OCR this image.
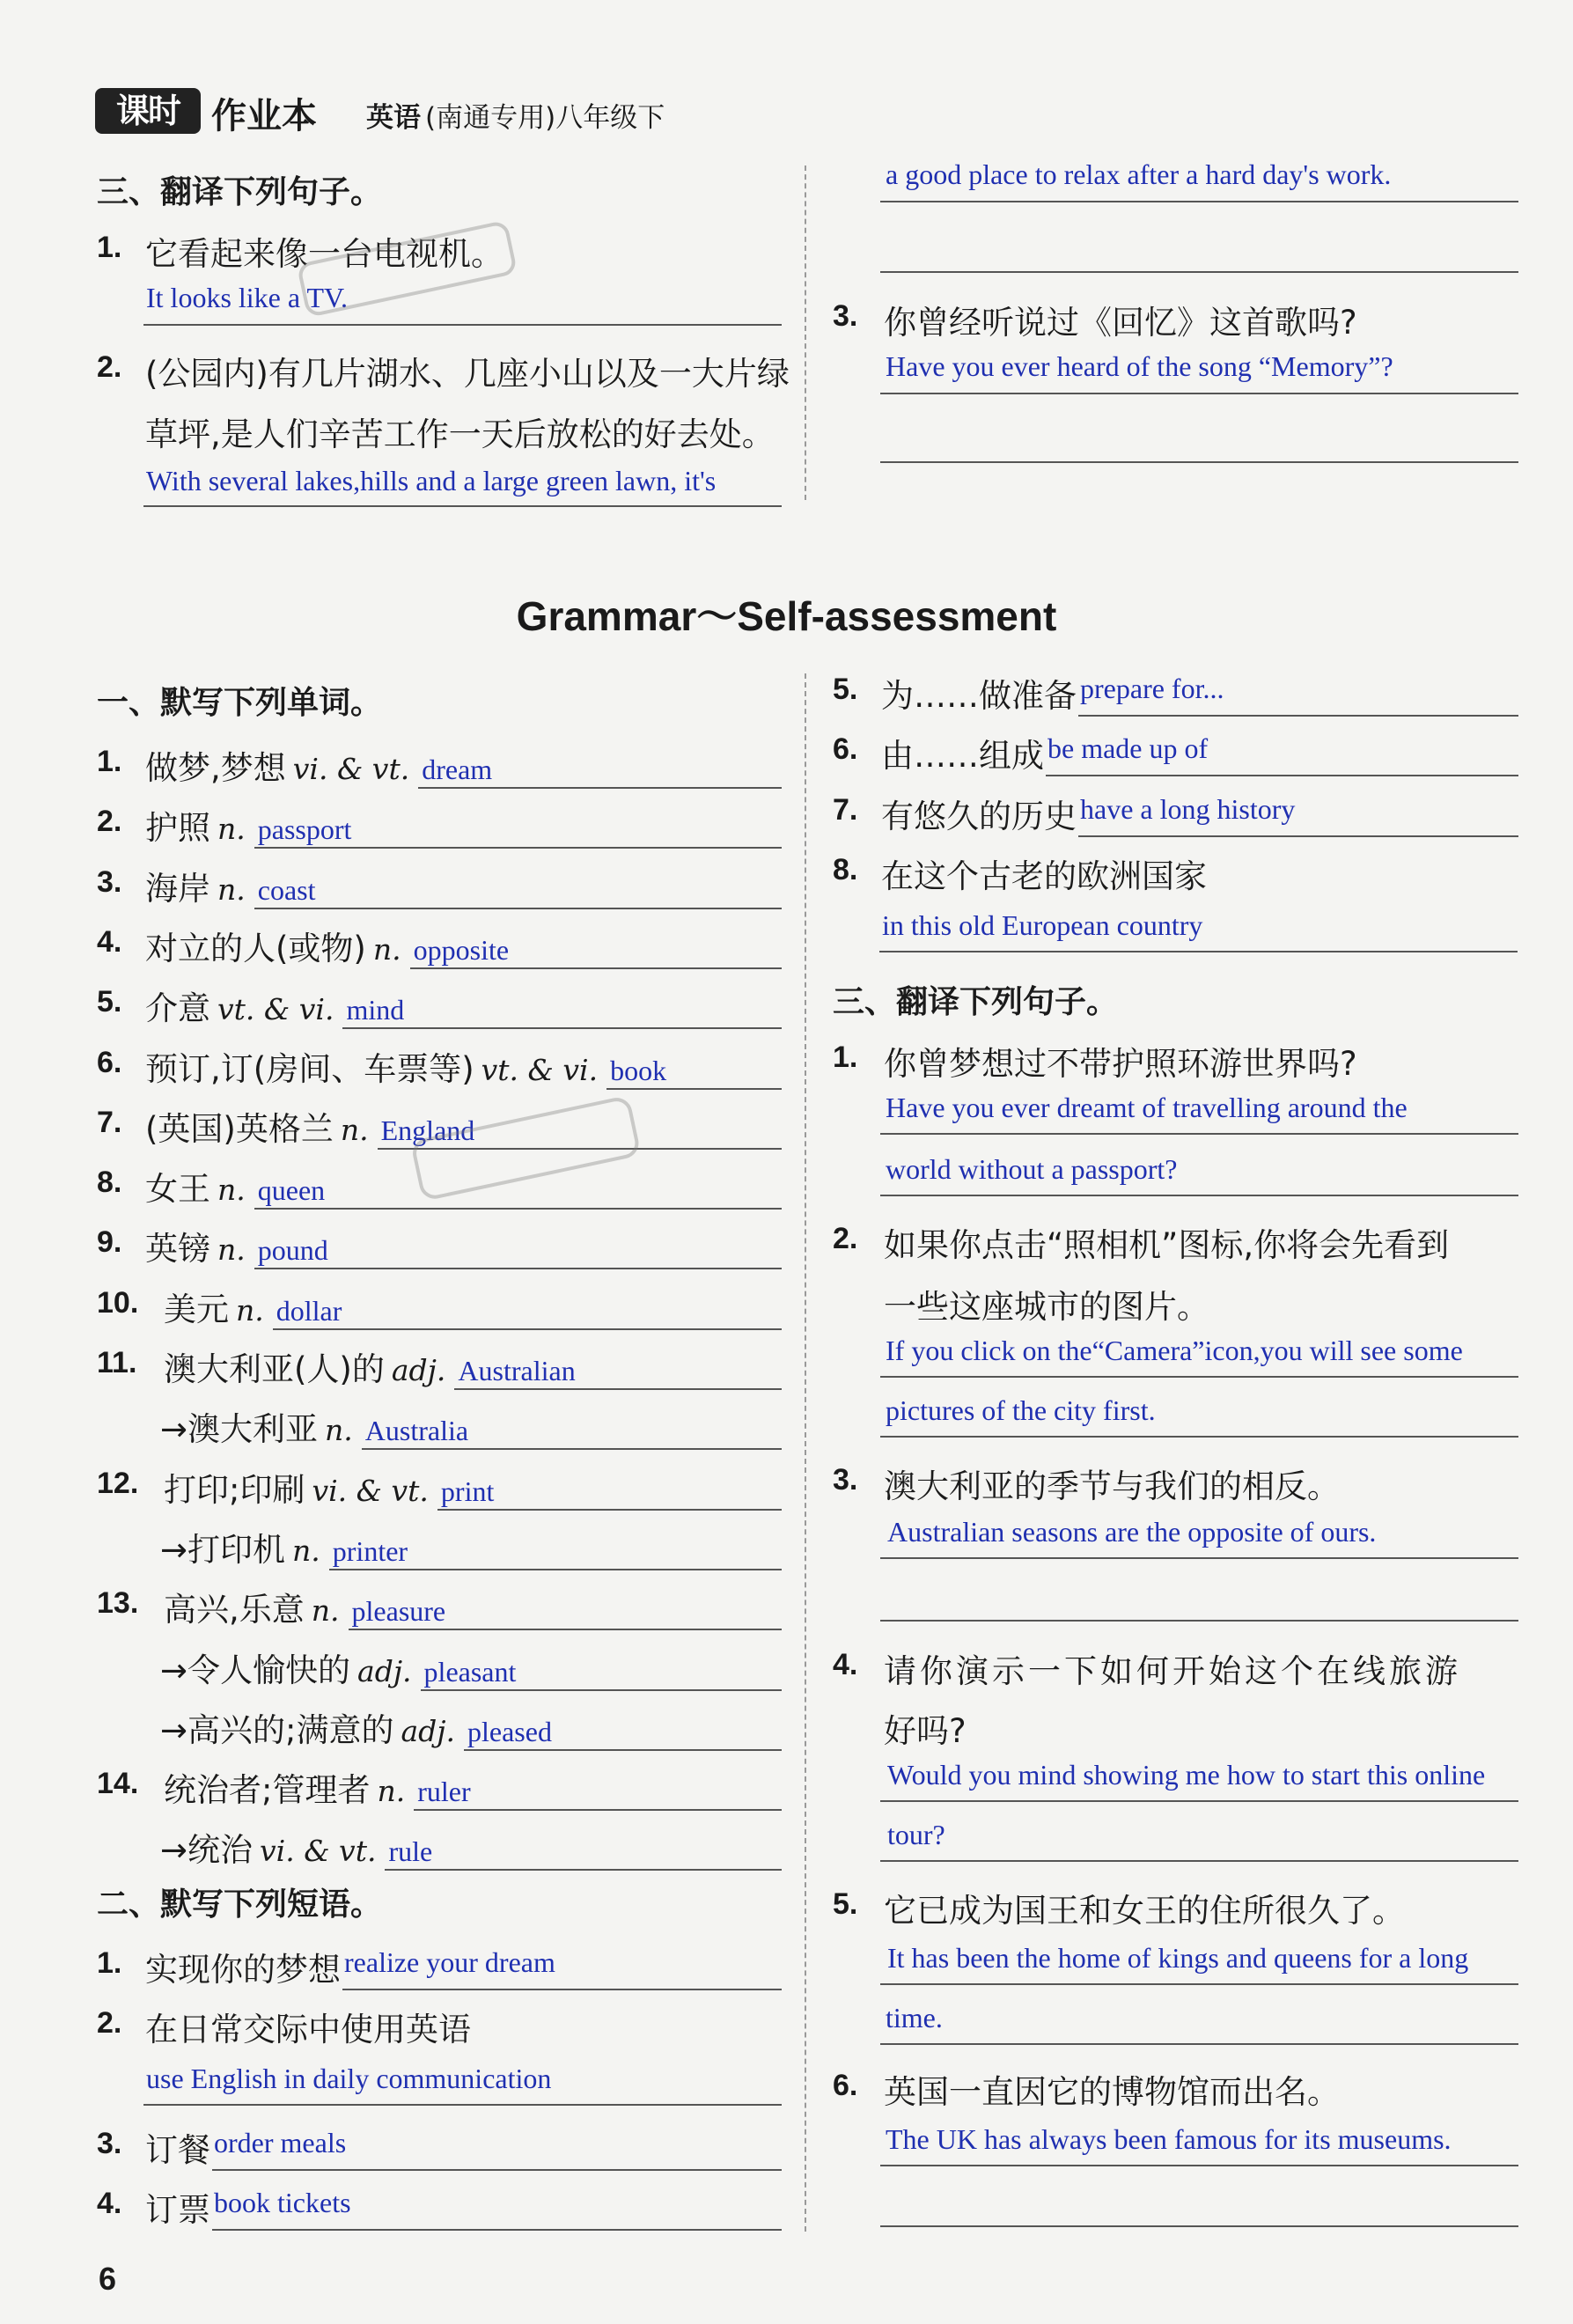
课时 作业本 英语 (南通专用)八年级下
三、翻译下列句子。
1. 它看起来像一台电视机。
It looks like a TV.
2. (公园内)有几片湖水、几座小山以及一大片绿
草坪,是人们辛苦工作一天后放松的好去处。
With several lakes,hills and a large green lawn, it's
a good place to relax after a hard day's work.
3. 你曾经听说过《回忆》这首歌吗?
Have you ever heard of the song “Memory”?
Grammar～Self-assessment
一、默写下列单词。
1. 做梦,梦想 vi. & vt. dream
2. 护照 n. passport
3. 海岸 n. coast
4. 对立的人(或物) n. opposite
5. 介意 vt. & vi. mind
6. 预订,订(房间、车票等) vt. & vi. book
7. (英国)英格兰 n. England
8. 女王 n. queen
9. 英镑 n. pound
10. 美元 n. dollar
11. 澳大利亚(人)的 adj. Australian
→澳大利亚 n. Australia
12. 打印;印刷 vi. & vt. print
→打印机 n. printer
13. 高兴,乐意 n. pleasure
→令人愉快的 adj. pleasant
→高兴的;满意的 adj. pleased
14. 统治者;管理者 n. ruler
→统治 vi. & vt. rule
二、默写下列短语。
1. 实现你的梦想 realize your dream
2. 在日常交际中使用英语
use English in daily communication
3. 订餐 order meals
4. 订票 book tickets
5. 为……做准备 prepare for...
6. 由……组成 be made up of
7. 有悠久的历史 have a long history
8. 在这个古老的欧洲国家
in this old European country
三、翻译下列句子。
1. 你曾梦想过不带护照环游世界吗?
Have you ever dreamt of travelling around the
world without a passport?
2. 如果你点击“照相机”图标,你将会先看到
一些这座城市的图片。
If you click on the“Camera”icon,you will see some
pictures of the city first.
3. 澳大利亚的季节与我们的相反。
Australian seasons are the opposite of ours.
4. 请你演示一下如何开始这个在线旅游
好吗?
Would you mind showing me how to start this online
tour?
5. 它已成为国王和女王的住所很久了。
It has been the home of kings and queens for a long
time.
6. 英国一直因它的博物馆而出名。
The UK has always been famous for its museums.
6
